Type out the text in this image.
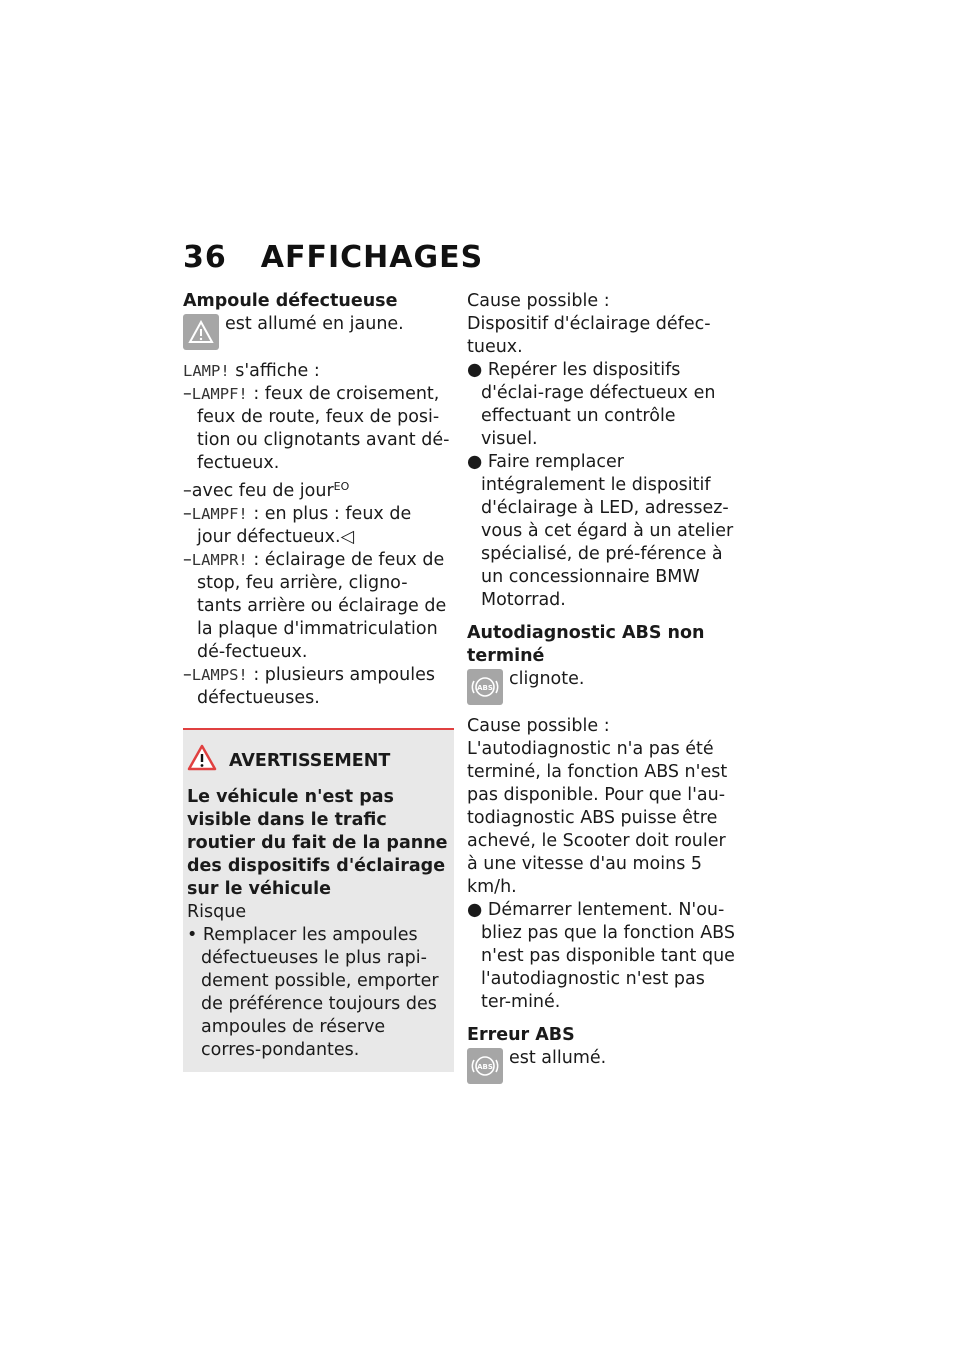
36 AFFICHAGES
Ampoule défectueuse
est allumé en jaune.

LAMP! s'affiche :

–LAMPF! : feux de croisement, feux de route, feux de posi-tion ou clignotants avant dé-fectueux.

–avec feu de jour$^{EO}$

–LAMPF! : en plus : feux de jour défectueux.◁

–LAMPR! : éclairage de feux de stop, feu arrière, cligno-tants arrière ou éclairage de la plaque d'immatriculation dé-fectueux.

–LAMPS! : plusieurs ampoules défectueuses.

AVERTISSEMENT

Le véhicule n'est pas visible dans le trafic routier du fait de la panne des dispositifs d'éclairage sur le véhicule

Risque

• Remplacer les ampoules défectueuses le plus rapi-dement possible, emporter de préférence toujours des ampoules de réserve corres-pondantes.

Cause possible :

Dispositif d'éclairage défec-tueux.

● Repérer les dispositifs d'éclai-rage défectueux en effectuant un contrôle visuel.

● Faire remplacer intégralement le dispositif d'éclairage à LED, adressez-vous à cet égard à un atelier spécialisé, de pré-férence à un concessionnaire BMW Motorrad.

Autodiagnostic ABS non terminé
ABS clignote.

Cause possible :

L'autodiagnostic n'a pas été terminé, la fonction ABS n'est pas disponible. Pour que l'au-todiagnostic ABS puisse être achevé, le Scooter doit rouler à une vitesse d'au moins 5 km/h.

● Démarrer lentement. N'ou-bliez pas que la fonction ABS n'est pas disponible tant que l'autodiagnostic n'est pas ter-miné.

Erreur ABS
ABS est allumé.
